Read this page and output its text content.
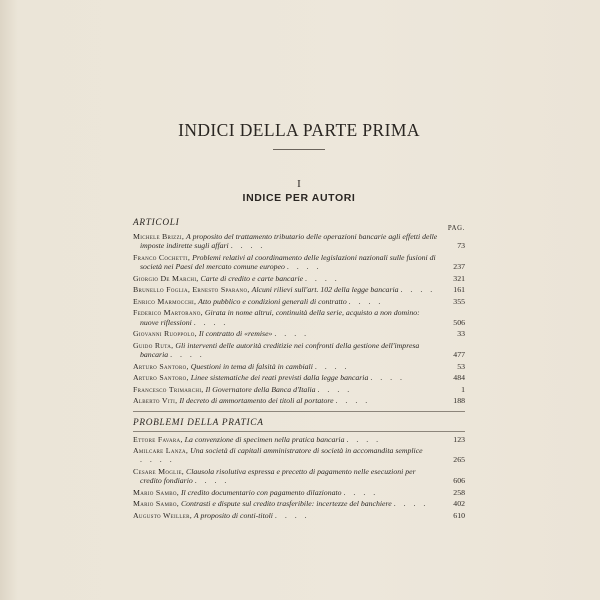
INDICI DELLA PARTE PRIMA
I
INDICE PER AUTORI
ARTICOLI
PAG.
Michele Brizzi, A proposito del trattamento tributario delle operazioni bancarie agli effetti delle imposte indirette sugli affari . . . .	73
Franco Cochetti, Problemi relativi al coordinamento delle legislazioni nazionali sulle fusioni di società nei Paesi del mercato comune europeo . . . .	237
Giorgio De Marchi, Carte di credito e carte bancarie . . . .	321
Brunello Foglia, Ernesto Sparano, Alcuni rilievi sull'art. 102 della legge bancaria . . . .	161
Enrico Marmocchi, Atto pubblico e condizioni generali di contratto . . . .	355
Federico Martorano, Girata in nome altrui, continuità della serie, acquisto a non domino: nuove riflessioni . . . .	506
Giovanni Ruoppolo, Il contratto di «remise» . . . .	33
Guido Ruta, Gli interventi delle autorità creditizie nei confronti della gestione dell'impresa bancaria . . . .	477
Arturo Santoro, Questioni in tema di falsità in cambiali . . . .	53
Arturo Santoro, Linee sistematiche dei reati previsti dalla legge bancaria . . . .	484
Francesco Trimarchi, Il Governatore della Banca d'Italia . . . .	1
Alberto Viti, Il decreto di ammortamento dei titoli al portatore . . . .	188
PROBLEMI DELLA PRATICA
Ettore Favara, La convenzione di specimen nella pratica bancaria . . . .	123
Amilcare Lanza, Una società di capitali amministratore di società in accomandita semplice . . . .	265
Cesare Moglie, Clausola risolutiva espressa e precetto di pagamento nelle esecuzioni per credito fondiario . . . .	606
Mario Sambo, Il credito documentario con pagamento dilazionato . . . .	258
Mario Sambo, Contrasti e dispute sul credito trasferibile: incertezze del banchiere . . . .	402
Augusto Weiller, A proposito di conti-titoli . . . .	610
